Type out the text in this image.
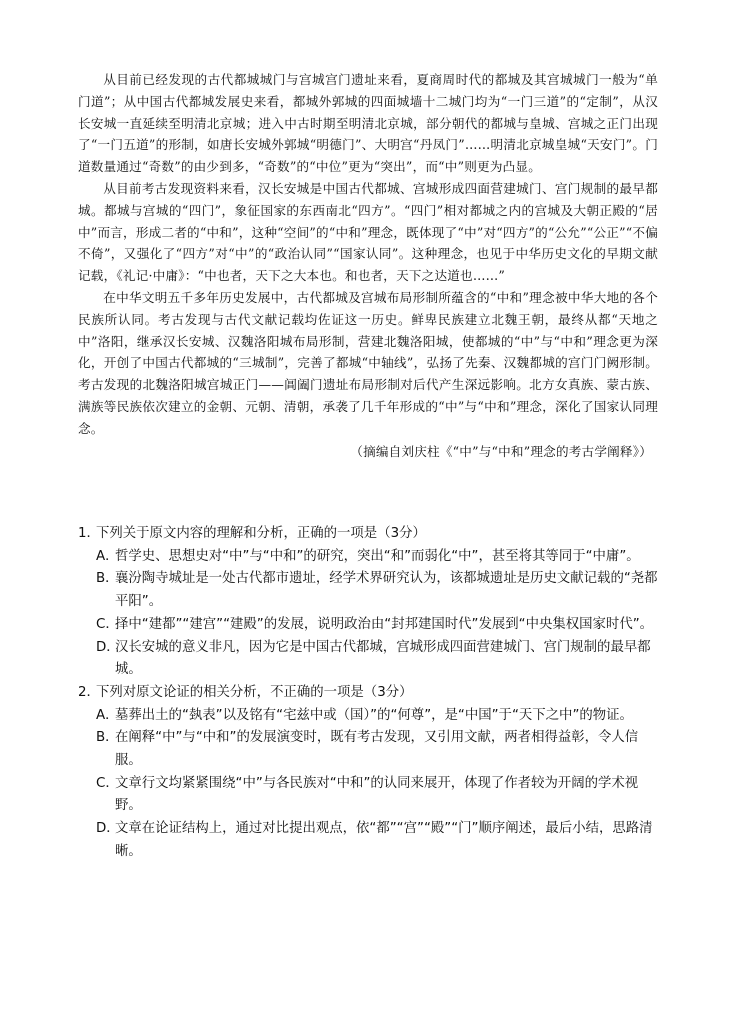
从目前已经发现的古代都城城门与宫城宫门遗址来看，夏商周时代的都城及其宫城城门一般为“单门道”；从中国古代都城发展史来看，都城外郭城的四面城墙十二城门均为“一门三道”的“定制”，从汉长安城一直延续至明清北京城；进入中古时期至明清北京城，部分朝代的都城与皇城、宫城之正门出现了“一门五道”的形制，如唐长安城外郭城“明德门”、大明宫“丹凤门”……明清北京城皇城“天安门”。门道数量通过“奇数”的由少到多，“奇数”的“中位”更为“突出”，而“中”则更为凸显。

从目前考古发现资料来看，汉长安城是中国古代都城、宫城形成四面营建城门、宫门规制的最早都城。都城与宫城的“四门”，象征国家的东西南北“四方”。“四门”相对都城之内的宫城及大朝正殿的“居中”而言，形成二者的“中和”，这种“空间”的“中和”理念，既体现了“中”对“四方”的“公允”“公正”“不偏不倚”，又强化了“四方”对“中”的“政治认同”“国家认同”。这种理念，也见于中华历史文化的早期文献记载，《礼记·中庸》：“中也者，天下之大本也。和也者，天下之达道也……”

在中华文明五千多年历史发展中，古代都城及宫城布局形制所蕴含的“中和”理念被中华大地的各个民族所认同。考古发现与古代文献记载均佐证这一历史。鲜卑民族建立北魏王朝，最终从都“天地之中”洛阳，继承汉长安城、汉魏洛阳城布局形制，营建北魏洛阳城，使都城的“中”与“中和”理念更为深化，开创了中国古代都城的“三城制”，完善了都城“中轴线”，弘扬了先秦、汉魏都城的宫门门阙形制。考古发现的北魏洛阳城宫城正门——阊阖门遗址布局形制对后代产生深远影响。北方女真族、蒙古族、满族等民族依次建立的金朝、元朝、清朝，承袭了几千年形成的“中”与“中和”理念，深化了国家认同理念。

（摘编自刘庆柱《“中”与“中和”理念的考古学阐释》）
1．
下列关于原文内容的理解和分析，正确的一项是（3分）
A．
哲学史、思想史对“中”与“中和”的研究，突出“和”而弱化“中”，甚至将其等同于“中庸”。
B．
襄汾陶寺城址是一处古代都市遗址，经学术界研究认为，该都城遗址是历史文献记载的“尧都平阳”。
C．
择中“建都”“建宫”“建殿”的发展，说明政治由“封邦建国时代”发展到“中央集权国家时代”。
D．
汉长安城的意义非凡，因为它是中国古代都城，宫城形成四面营建城门、宫门规制的最早都城。
2．
下列对原文论证的相关分析，不正确的一项是（3分）
A．
墓葬出土的“埶表”以及铭有“宅兹中或（国）”的“何尊”，是“中国”于“天下之中”的物证。
B．
在阐释“中”与“中和”的发展演变时，既有考古发现，又引用文献，两者相得益彰，令人信服。
C．
文章行文均紧紧围绕“中”与各民族对“中和”的认同来展开，体现了作者较为开阔的学术视野。
D．
文章在论证结构上，通过对比提出观点，依“都”“宫”“殿”“门”顺序阐述，最后小结，思路清晰。
